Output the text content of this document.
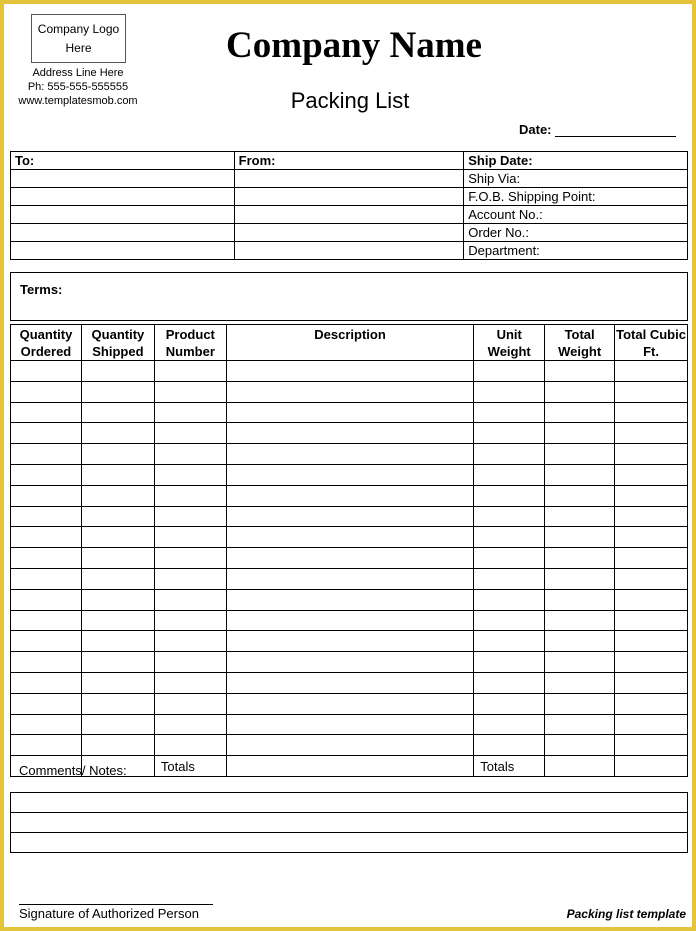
Company Logo Here
Address Line Here
Ph: 555-555-555555
www.templatesmob.com
Company Name
Packing List
Date:
To:	From:	Ship Date:
		Ship Via:
		F.O.B. Shipping Point:
		Account No.:
		Order No.:
		Department:
Terms:
Quantity Ordered	Quantity Shipped	Product Number	Description	Unit Weight	Total Weight	Total Cubic Ft.

		Totals		Totals		
Comments/ Notes:

Signature of Authorized Person	Packing list template
